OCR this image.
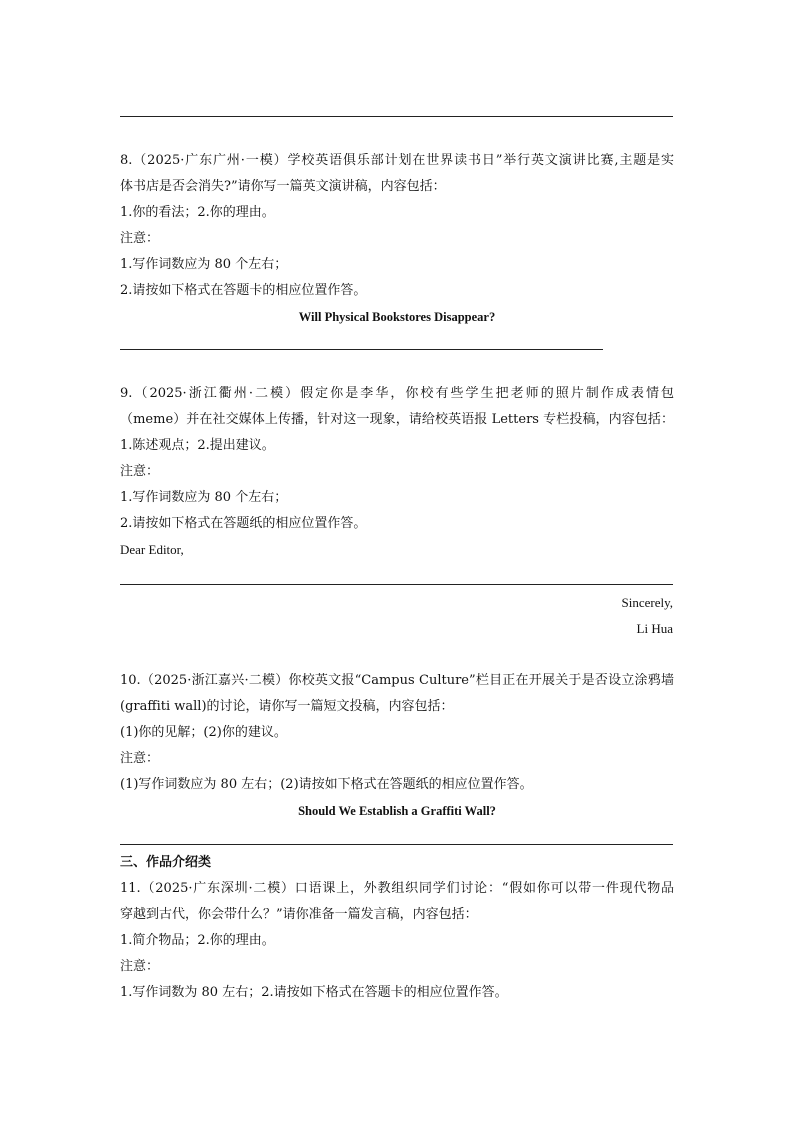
8.（2025·广东广州·一模）学校英语俱乐部计划在世界读书日”举行英文演讲比赛,主题是实
体书店是否会消失?”请你写一篇英文演讲稿，内容包括：
1.你的看法；2.你的理由。
注意：
1.写作词数应为 80 个左右；
2.请按如下格式在答题卡的相应位置作答。
Will Physical Bookstores Disappear?
9.（2025·浙江衢州·二模）假定你是李华，你校有些学生把老师的照片制作成表情包
（meme）并在社交媒体上传播，针对这一现象，请给校英语报 Letters 专栏投稿，内容包括：
1.陈述观点；2.提出建议。
注意：
1.写作词数应为 80 个左右；
2.请按如下格式在答题纸的相应位置作答。
Dear Editor,
Sincerely,
Li Hua
10.（2025·浙江嘉兴·二模）你校英文报“Campus Culture”栏目正在开展关于是否设立涂鸦墙
(graffiti wall)的讨论，请你写一篇短文投稿，内容包括：
(1)你的见解；(2)你的建议。
注意：
(1)写作词数应为 80 左右；(2)请按如下格式在答题纸的相应位置作答。
Should We Establish a Graffiti Wall?
三、作品介绍类
11.（2025·广东深圳·二模）口语课上，外教组织同学们讨论：“假如你可以带一件现代物品
穿越到古代，你会带什么？”请你准备一篇发言稿，内容包括：
1.简介物品；2.你的理由。
注意：
1.写作词数为 80 左右；2.请按如下格式在答题卡的相应位置作答。
